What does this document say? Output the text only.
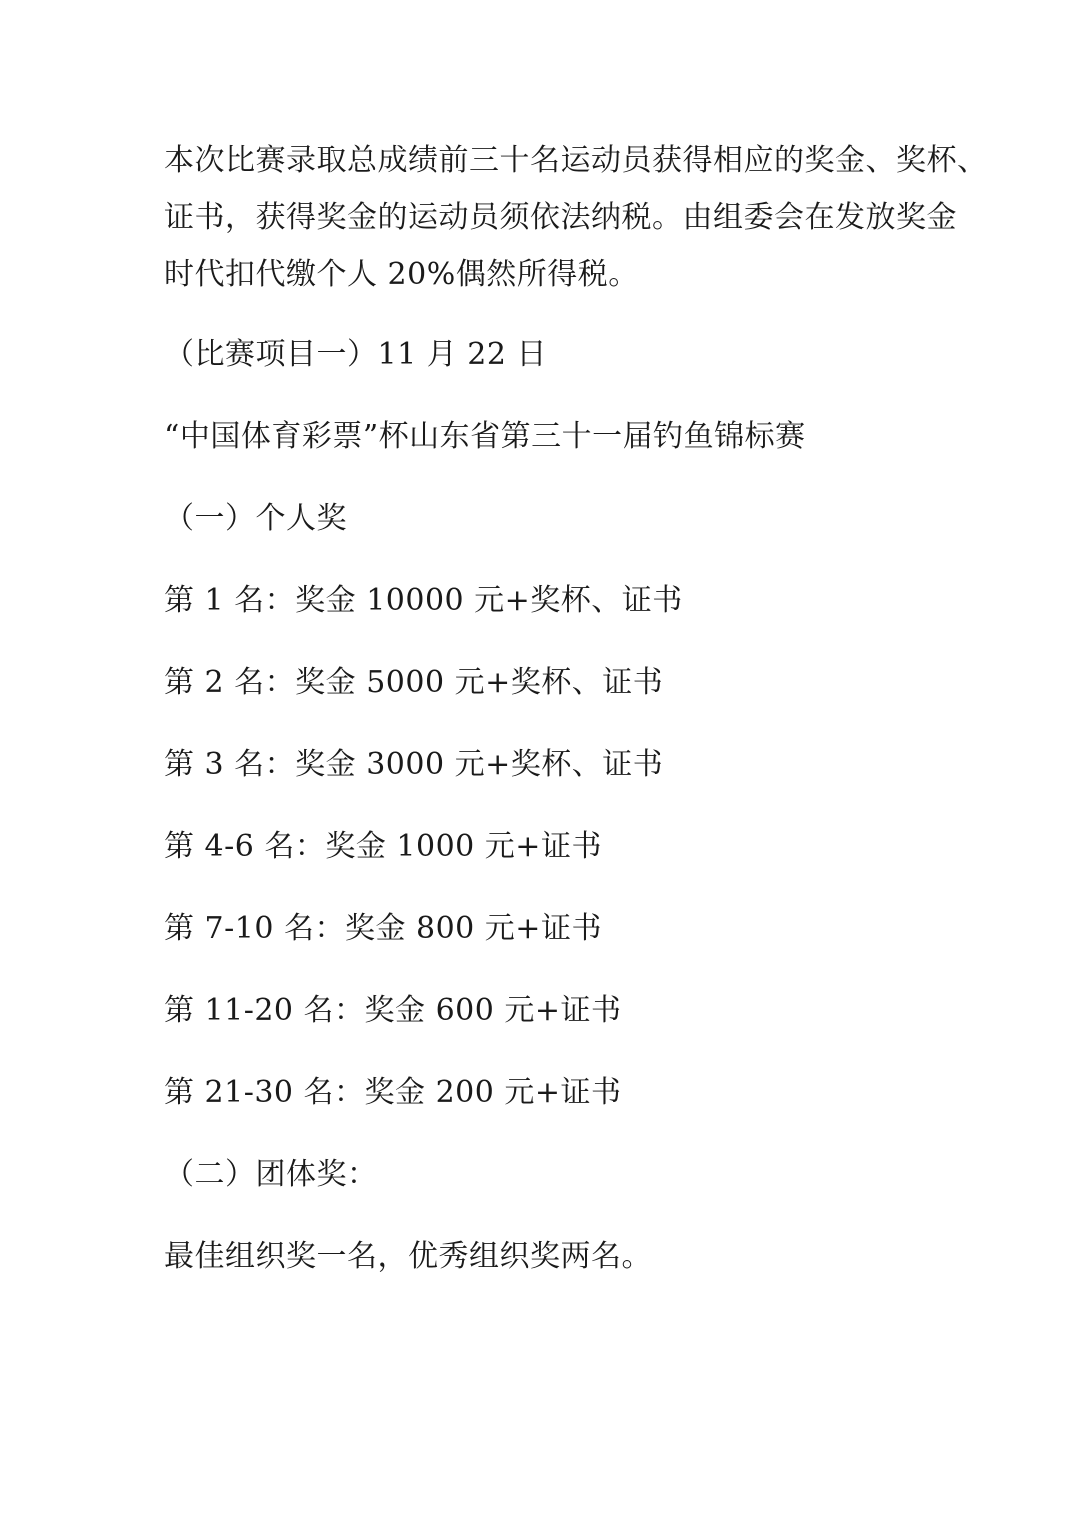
本次比赛录取总成绩前三十名运动员获得相应的奖金、奖杯、
证书，获得奖金的运动员须依法纳税。由组委会在发放奖金
时代扣代缴个人 20%偶然所得税。
（比赛项目一）11 月 22 日
“中国体育彩票”杯山东省第三十一届钓鱼锦标赛
（一）个人奖
第 1 名：奖金 10000 元+奖杯、证书
第 2 名：奖金 5000 元+奖杯、证书
第 3 名：奖金 3000 元+奖杯、证书
第 4-6 名：奖金 1000 元+证书
第 7-10 名：奖金 800 元+证书
第 11-20 名：奖金 600 元+证书
第 21-30 名：奖金 200 元+证书
（二）团体奖：
最佳组织奖一名，优秀组织奖两名。
